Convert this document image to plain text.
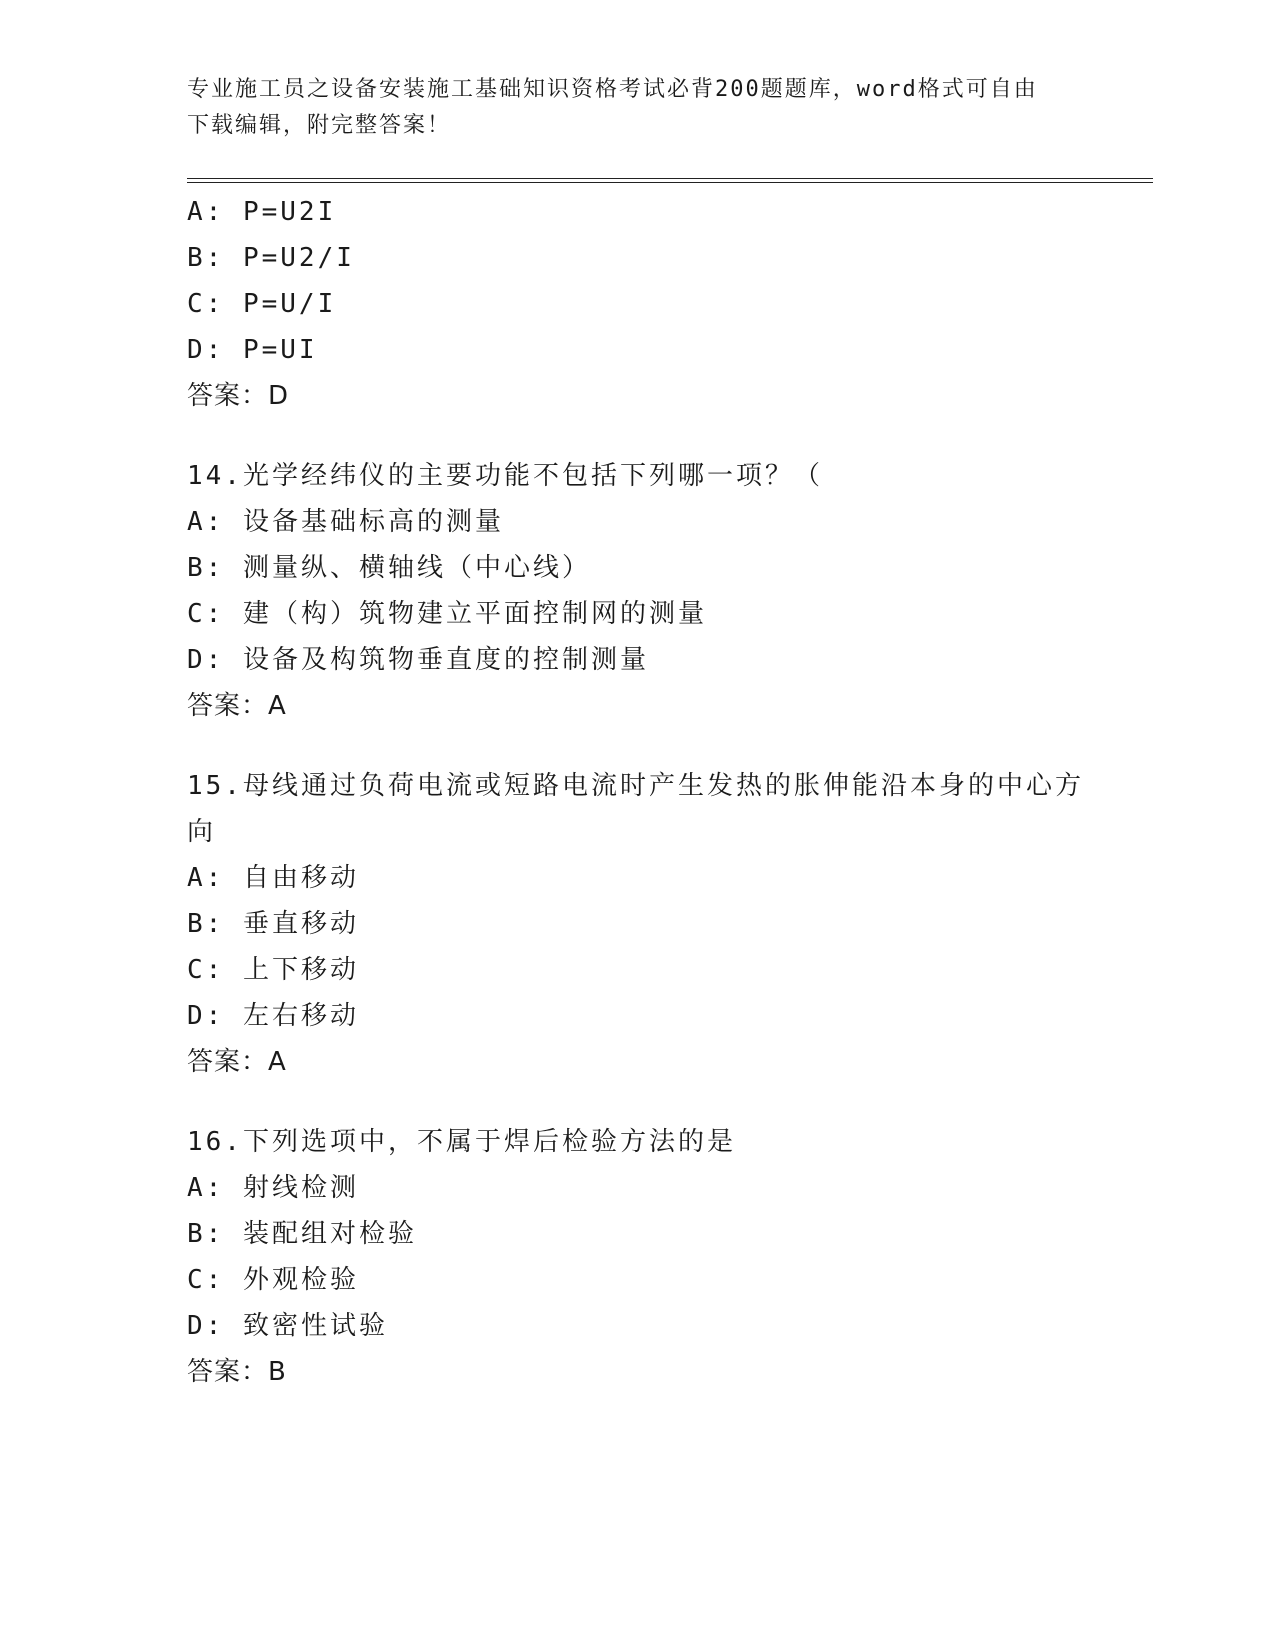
专业施工员之设备安装施工基础知识资格考试必背200题题库，word格式可自由
下载编辑，附完整答案！
A: P=U2I
B: P=U2/I
C: P=U/I
D: P=UI
答案：D
14.光学经纬仪的主要功能不包括下列哪一项？（
A: 设备基础标高的测量
B: 测量纵、横轴线（中心线）
C: 建（构）筑物建立平面控制网的测量
D: 设备及构筑物垂直度的控制测量
答案：A
15.母线通过负荷电流或短路电流时产生发热的胀伸能沿本身的中心方
向
A: 自由移动
B: 垂直移动
C: 上下移动
D: 左右移动
答案：A
16.下列选项中，不属于焊后检验方法的是
A: 射线检测
B: 装配组对检验
C: 外观检验
D: 致密性试验
答案：B
